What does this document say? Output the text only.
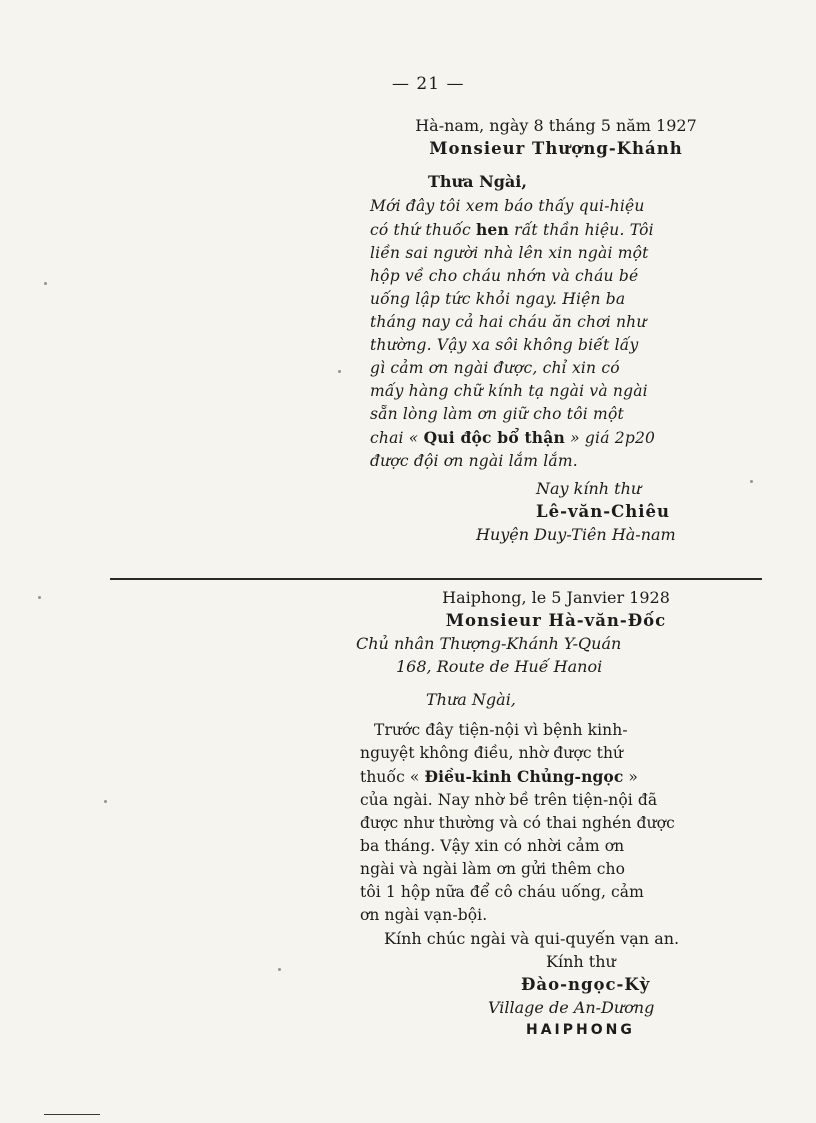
— 21 —
Hà-nam, ngày 8 tháng 5 năm 1927
Monsieur Thượng-Khánh
Thưa Ngài,
Mới đây tôi xem báo thấy qui-hiệu
có thứ thuốc hen rất thần hiệu. Tôi
liền sai người nhà lên xin ngài một
hộp về cho cháu nhớn và cháu bé
uống lập tức khỏi ngay. Hiện ba
tháng nay cả hai cháu ăn chơi như
thường. Vậy xa sôi không biết lấy
gì cảm ơn ngài được, chỉ xin có
mấy hàng chữ kính tạ ngài và ngài
sẵn lòng làm ơn giữ cho tôi một
chai « Qui độc bổ thận » giá 2p20
được đội ơn ngài lắm lắm.
Nay kính thư
Lê-văn-Chiêu
Huyện Duy-Tiên Hà-nam
Haiphong, le 5 Janvier 1928
Monsieur Hà-văn-Đốc
Chủ nhân Thượng-Khánh Y-Quán
168, Route de Huế Hanoi
Thưa Ngài,
Trước đây tiện-nội vì bệnh kinh-
nguyệt không điều, nhờ được thứ
thuốc « Điều-kinh Chủng-ngọc »
của ngài. Nay nhờ bề trên tiện-nội đã
được như thường và có thai nghén được
ba tháng. Vậy xin có nhời cảm ơn
ngài và ngài làm ơn gửi thêm cho
tôi 1 hộp nữa để cô cháu uống, cảm
ơn ngài vạn-bội.
Kính chúc ngài và qui-quyến vạn an.
Kính thư
Đào-ngọc-Kỳ
Village de An-Dương
HAIPHONG
